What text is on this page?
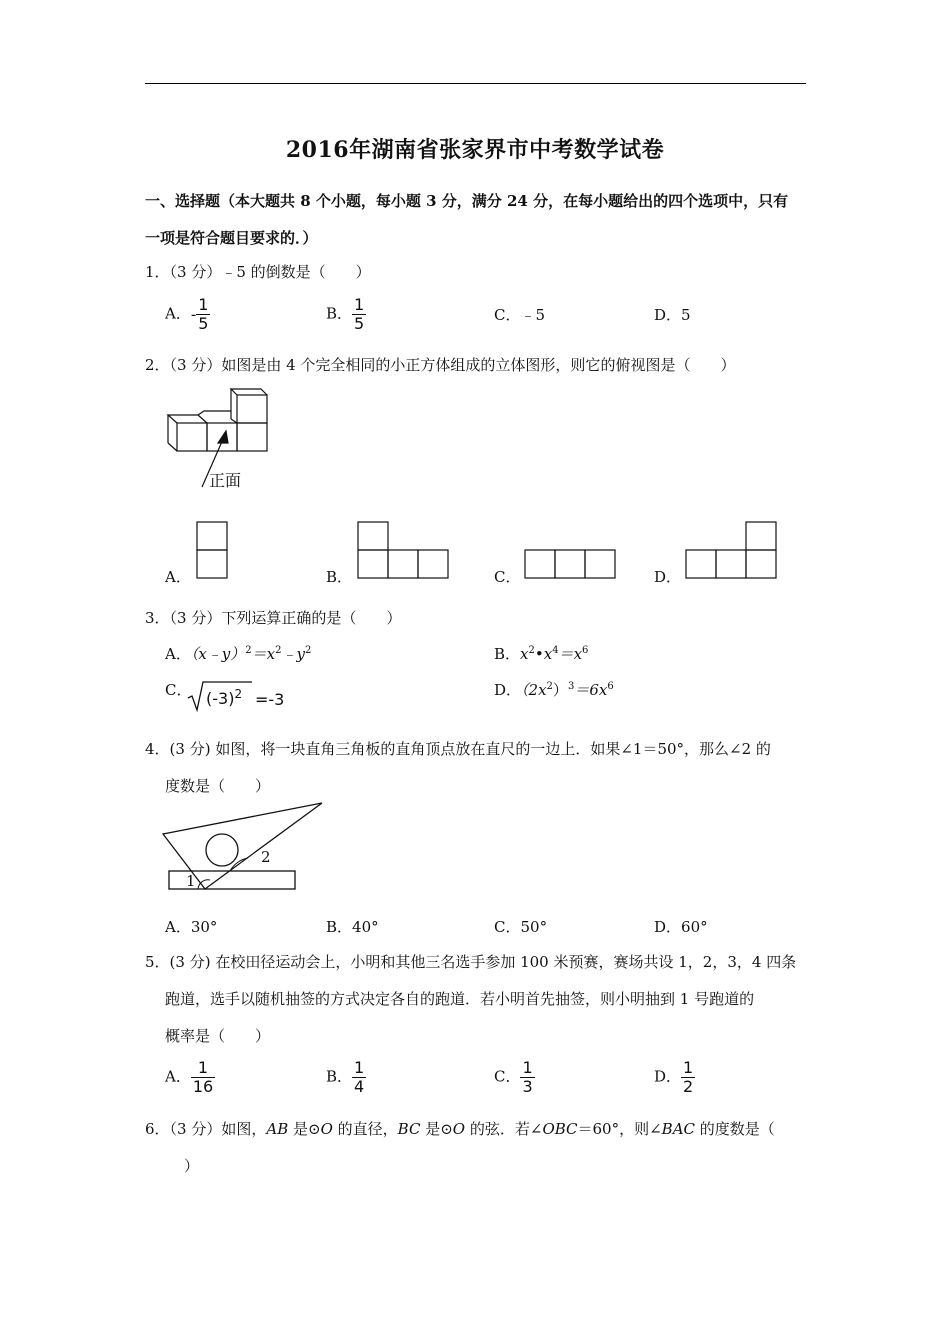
2016年湖南省张家界市中考数学试卷
一、选择题（本大题共 8 个小题，每小题 3 分，满分 24 分，在每小题给出的四个选项中，只有
一项是符合题目要求的．）
1．（3 分）﹣5 的倒数是（　　）
A．- $\frac{1}{5}$	B． $\frac{1}{5}$	C．﹣5	D．5
2．（3 分）如图是由 4 个完全相同的小正方体组成的立体图形，则它的俯视图是（　　）
正面
A．	B．	C．	D．
3．（3 分）下列运算正确的是（　　）
A．$(x﹣y)^2=x^2﹣y^2$	B．$x^2•x^4=x^6$
C． $(-3)^2 =-3$	D．$(2x^2)^3=6x^6$
4．(3 分) 如图，将一块直角三角板的直角顶点放在直尺的一边上．如果∠1＝50°，那么∠2 的
度数是（　　）
2
1
A．30°	B．40°	C．50°	D．60°
5．(3 分) 在校田径运动会上，小明和其他三名选手参加 100 米预赛，赛场共设 1，2，3，4 四条
跑道，选手以随机抽签的方式决定各自的跑道．若小明首先抽签，则小明抽到 1 号跑道的
概率是（　　）
A． $\frac{1}{16}$	B． $\frac{1}{4}$	C． $\frac{1}{3}$	D． $\frac{1}{2}$
6．（3 分）如图，AB 是⊙O 的直径，BC 是⊙O 的弦．若∠OBC＝60°，则∠BAC 的度数是（
）
